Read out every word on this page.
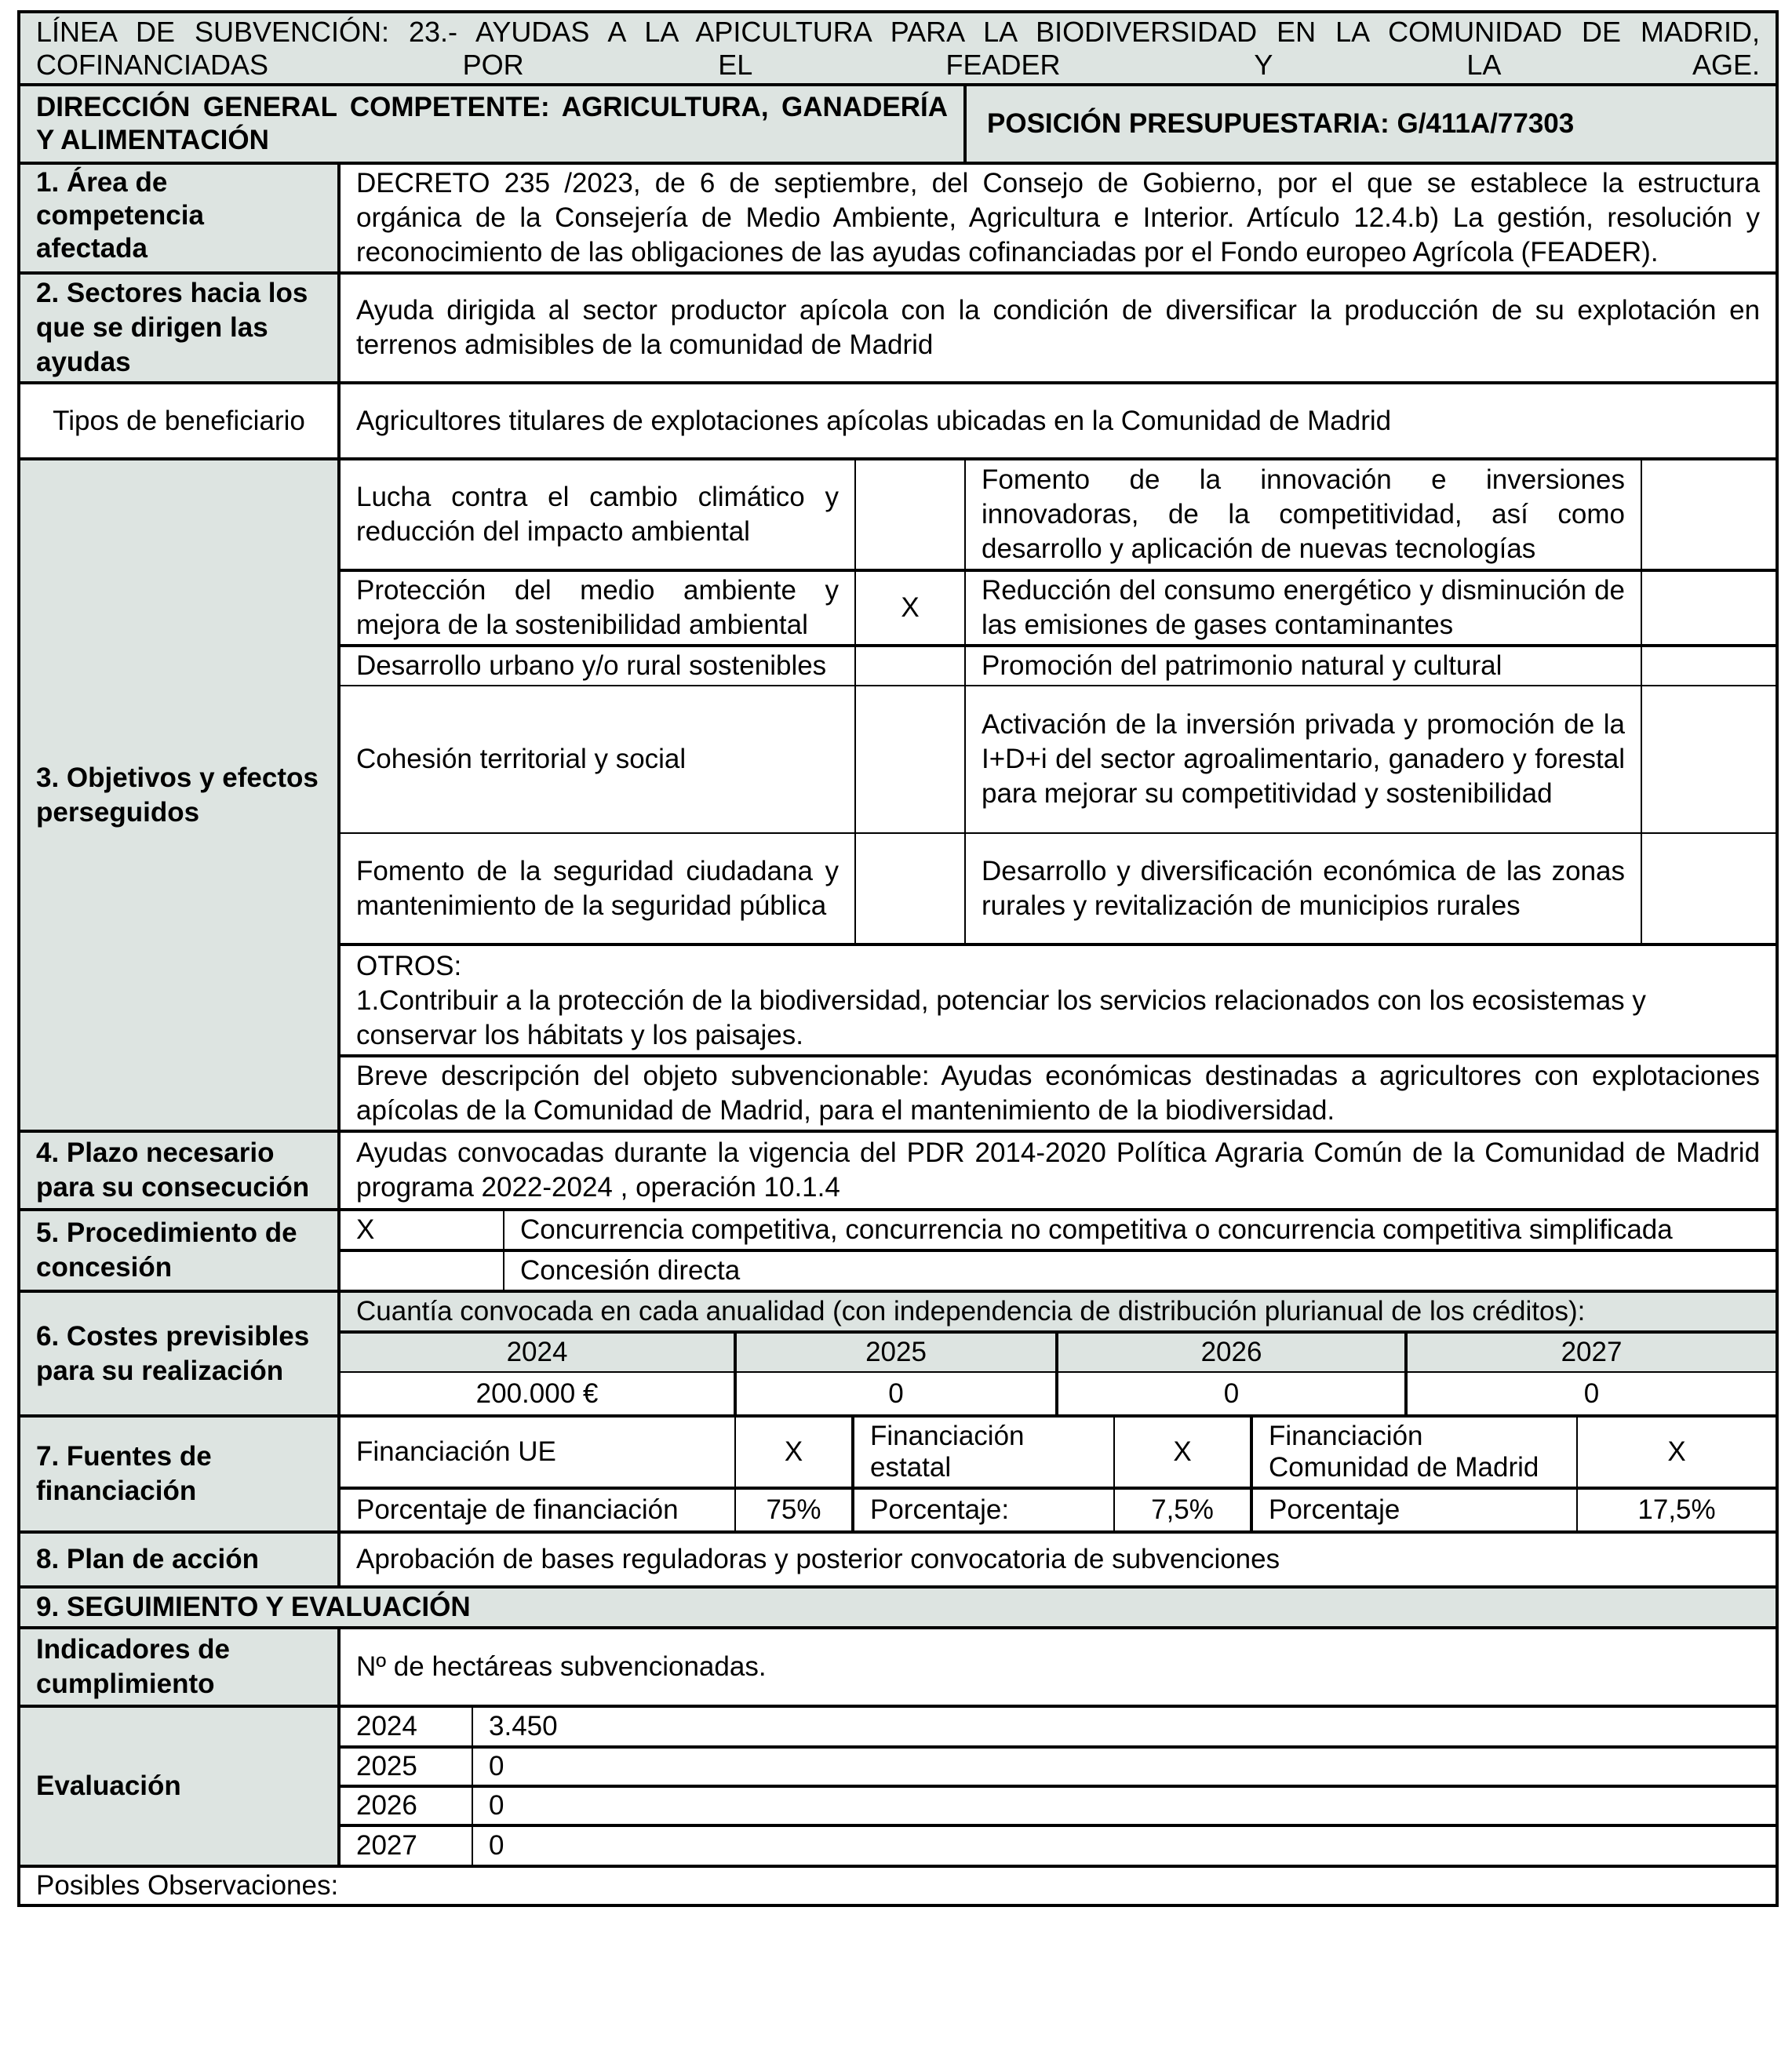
LÍNEA DE SUBVENCIÓN: 23.- AYUDAS A LA APICULTURA PARA LA BIODIVERSIDAD EN LA COMUNIDAD DE MADRID, COFINANCIADAS POR EL FEADER Y LA AGE.
DIRECCIÓN GENERAL COMPETENTE: AGRICULTURA, GANADERÍA Y ALIMENTACIÓN	POSICIÓN PRESUPUESTARIA: G/411A/77303
1. Área de competencia afectada	DECRETO 235 /2023, de 6 de septiembre, del Consejo de Gobierno, por el que se establece la estructura orgánica de la Consejería de Medio Ambiente, Agricultura e Interior. Artículo 12.4.b) La gestión, resolución y reconocimiento de las obligaciones de las ayudas cofinanciadas por el Fondo europeo Agrícola (FEADER).
2. Sectores hacia los que se dirigen las ayudas	Ayuda dirigida al sector productor apícola con la condición de diversificar la producción de su explotación en terrenos admisibles de la comunidad de Madrid
Tipos de beneficiario	Agricultores titulares de explotaciones apícolas ubicadas en la Comunidad de Madrid
3. Objetivos y efectos perseguidos	Lucha contra el cambio climático y reducción del impacto ambiental		Fomento de la innovación e inversiones innovadoras, de la competitividad, así como desarrollo y aplicación de nuevas tecnologías	
Protección del medio ambiente y mejora de la sostenibilidad ambiental	X	Reducción del consumo energético y disminución de las emisiones de gases contaminantes	
Desarrollo urbano y/o rural sostenibles		Promoción del patrimonio natural y cultural	
Cohesión territorial y social		Activación de la inversión privada y promoción de la I+D+i del sector agroalimentario, ganadero y forestal para mejorar su competitividad y sostenibilidad	
Fomento de la seguridad ciudadana y mantenimiento de la seguridad pública		Desarrollo y diversificación económica de las zonas rurales y revitalización de municipios rurales	

OTROS:
1.Contribuir a la protección de la biodiversidad, potenciar los servicios relacionados con los ecosistemas y conservar los hábitats y los paisajes.

Breve descripción del objeto subvencionable: Ayudas económicas destinadas a agricultores con explotaciones apícolas de la Comunidad de Madrid, para el mantenimiento de la biodiversidad.
4. Plazo necesario para su consecución	Ayudas convocadas durante la vigencia del PDR 2014-2020 Política Agraria Común de la Comunidad de Madrid programa 2022-2024 , operación 10.1.4
5. Procedimiento de concesión	
X	Concurrencia competitiva, concurrencia no competitiva o concurrencia competitiva simplificada
	Concesión directa

6. Costes previsibles para su realización	
Cuantía convocada en cada anualidad (con independencia de distribución plurianual de los créditos):
2024	2025	2026	2027
200.000 €	0	0	0

7. Fuentes de financiación	
Financiación UE	X	Financiación estatal	X	Financiación Comunidad de Madrid	X
Porcentaje de financiación	75%	Porcentaje:	7,5%	Porcentaje	17,5%

8. Plan de acción	Aprobación de bases reguladoras y posterior convocatoria de subvenciones
9. SEGUIMIENTO Y EVALUACIÓN
Indicadores de cumplimiento	Nº de hectáreas subvencionadas.
Evaluación	
2024	3.450
2025	0
2026	0
2027	0

Posibles Observaciones:
